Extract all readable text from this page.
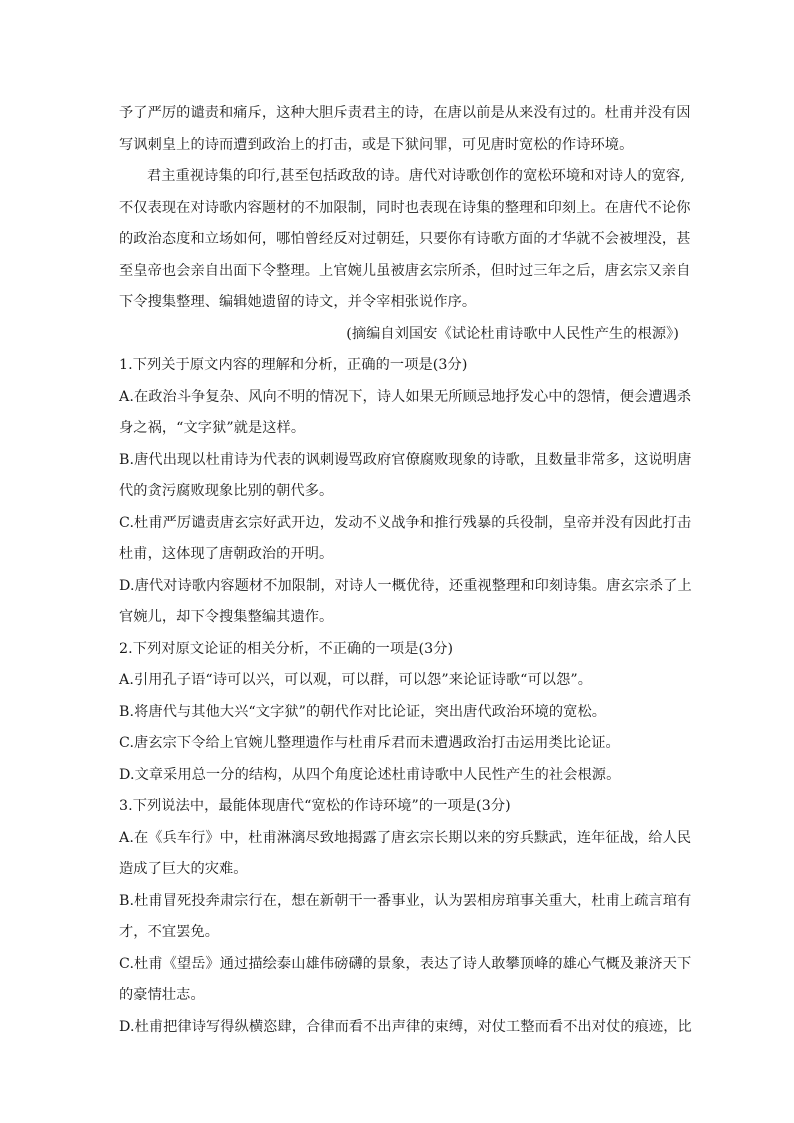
予了严厉的谴责和痛斥，这种大胆斥责君主的诗，在唐以前是从来没有过的。杜甫并没有因
写讽刺皇上的诗而遭到政治上的打击，或是下狱问罪，可见唐时宽松的作诗环境。
君主重视诗集的印行,甚至包括政敌的诗。唐代对诗歌创作的宽松环境和对诗人的宽容,
不仅表现在对诗歌内容题材的不加限制，同时也表现在诗集的整理和印刻上。在唐代不论你
的政治态度和立场如何，哪怕曾经反对过朝廷，只要你有诗歌方面的才华就不会被埋没，甚
至皇帝也会亲自出面下令整理。上官婉儿虽被唐玄宗所杀，但时过三年之后，唐玄宗又亲自
下令搜集整理、编辑她遗留的诗文，并令宰相张说作序。
(摘编自刘国安《试论杜甫诗歌中人民性产生的根源》)
1.下列关于原文内容的理解和分析，正确的一项是(3分)
A.在政治斗争复杂、风向不明的情况下，诗人如果无所顾忌地抒发心中的怨情，便会遭遇杀
身之祸，“文字狱”就是这样。
B.唐代出现以杜甫诗为代表的讽刺谩骂政府官僚腐败现象的诗歌，且数量非常多，这说明唐
代的贪污腐败现象比别的朝代多。
C.杜甫严厉谴责唐玄宗好武开边，发动不义战争和推行残暴的兵役制，皇帝并没有因此打击
杜甫，这体现了唐朝政治的开明。
D.唐代对诗歌内容题材不加限制，对诗人一概优待，还重视整理和印刻诗集。唐玄宗杀了上
官婉儿，却下令搜集整编其遗作。
2.下列对原文论证的相关分析，不正确的一项是(3分)
A.引用孔子语“诗可以兴，可以观，可以群，可以怨”来论证诗歌“可以怨”。
B.将唐代与其他大兴“文字狱”的朝代作对比论证，突出唐代政治环境的宽松。
C.唐玄宗下令给上官婉儿整理遗作与杜甫斥君而未遭遇政治打击运用类比论证。
D.文章采用总一分的结构，从四个角度论述杜甫诗歌中人民性产生的社会根源。
3.下列说法中，最能体现唐代“宽松的作诗环境”的一项是(3分)
A.在《兵车行》中，杜甫淋漓尽致地揭露了唐玄宗长期以来的穷兵黩武，连年征战，给人民
造成了巨大的灾难。
B.杜甫冒死投奔肃宗行在，想在新朝干一番事业，认为罢相房琯事关重大，杜甫上疏言琯有
才，不宜罢免。
C.杜甫《望岳》通过描绘泰山雄伟磅礴的景象，表达了诗人敢攀顶峰的雄心气概及兼济天下
的豪情壮志。
D.杜甫把律诗写得纵横恣肆，合律而看不出声律的束缚，对仗工整而看不出对仗的痕迹，比
